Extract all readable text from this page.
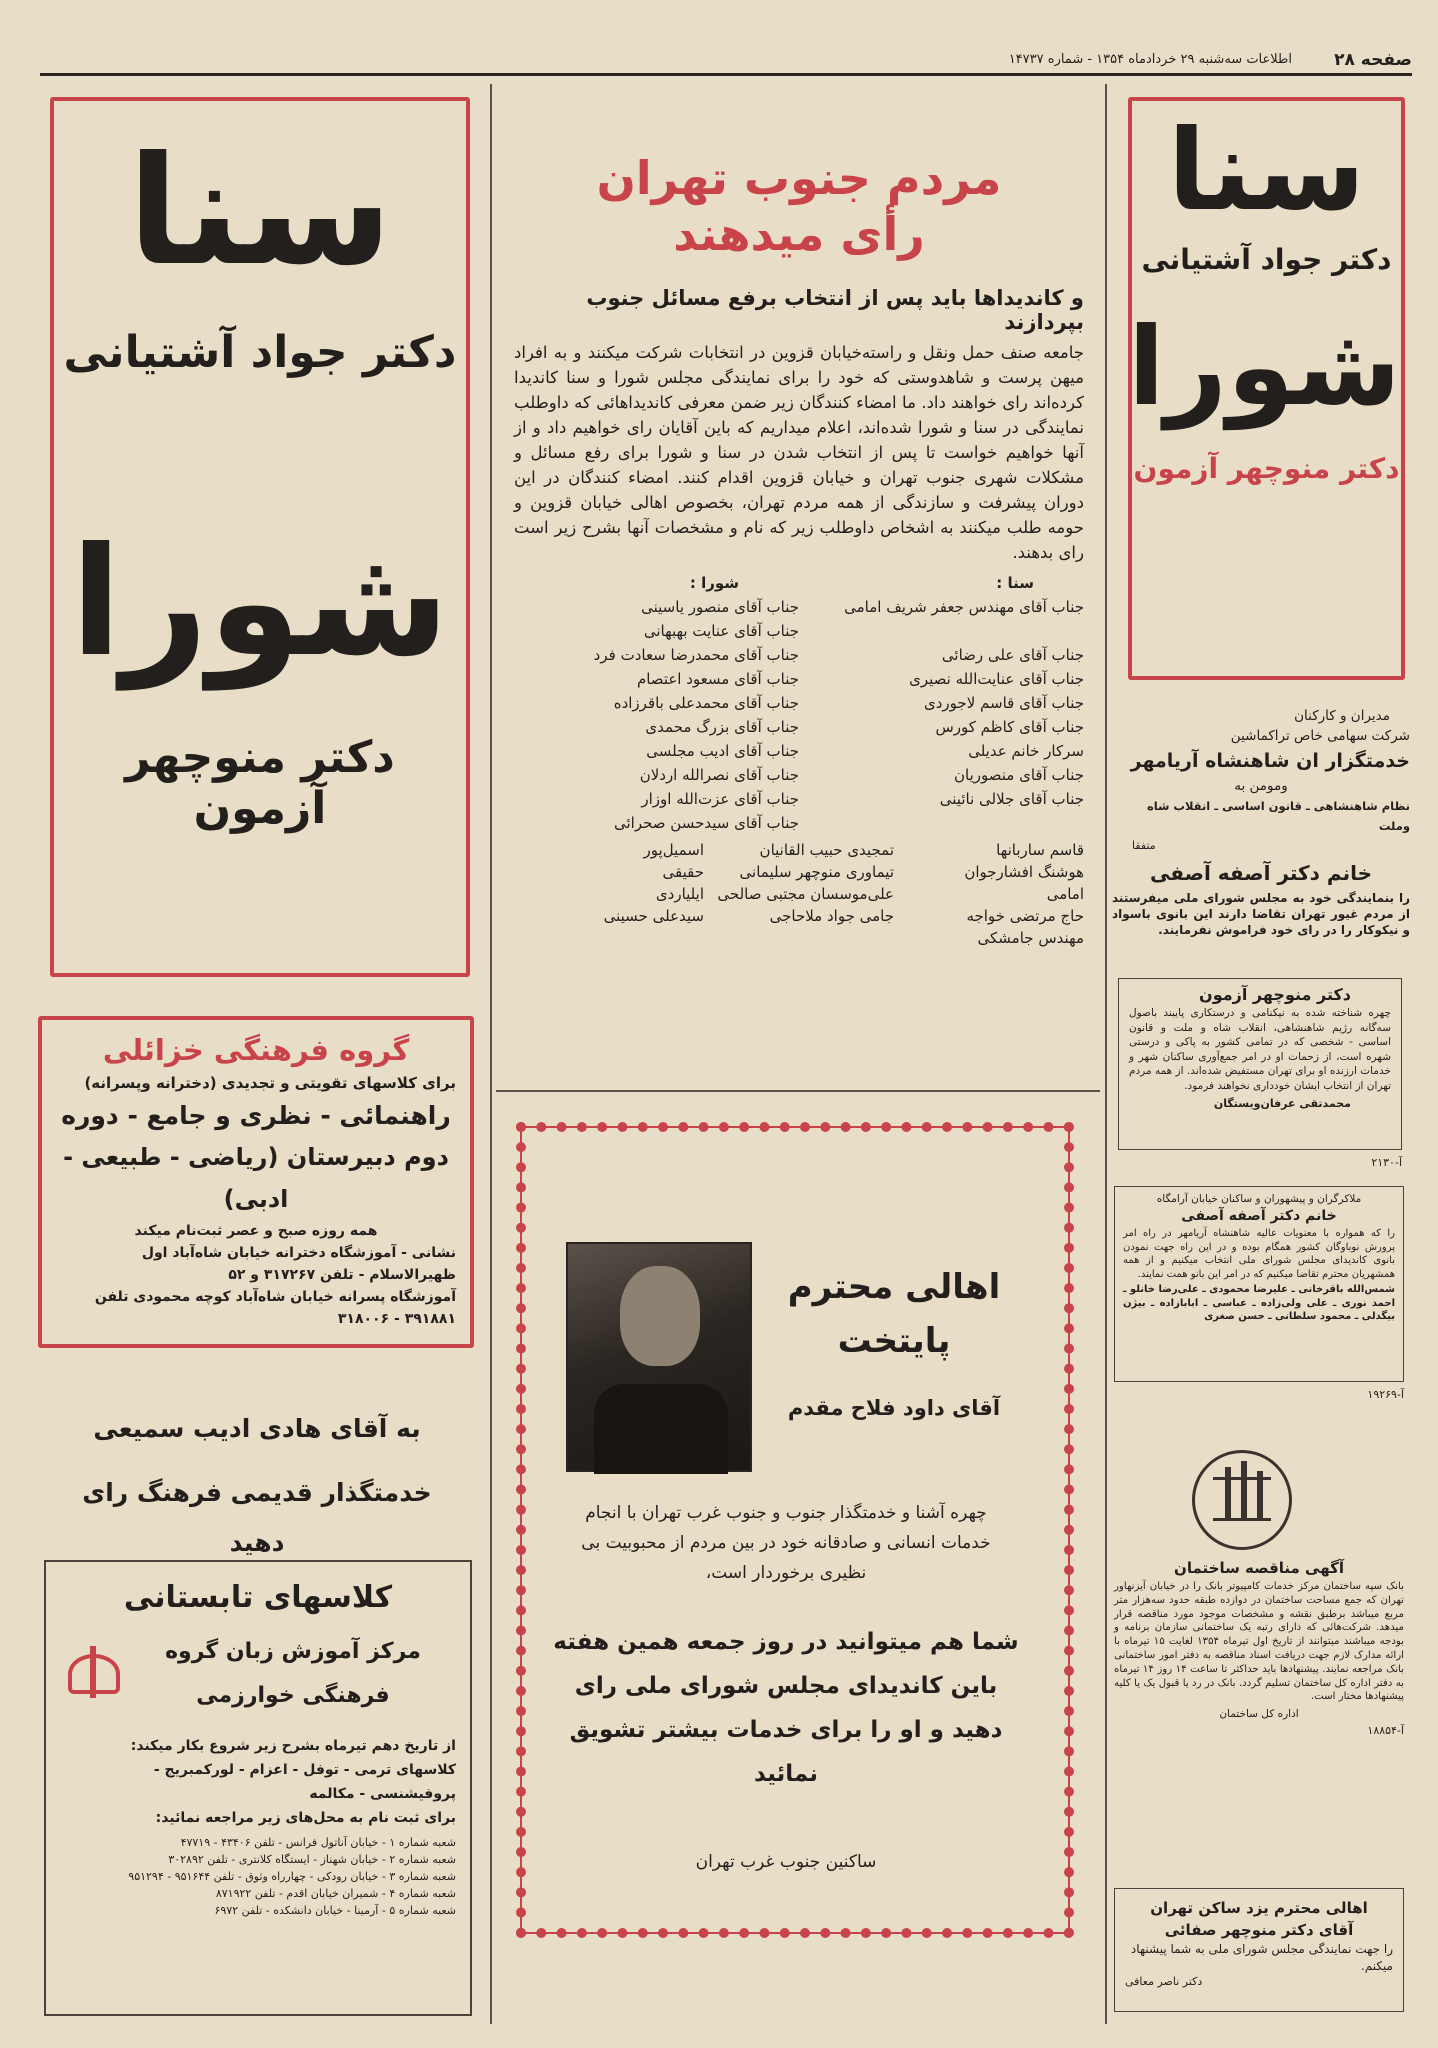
صفحه ۲۸
اطلاعات سه‌شنبه ۲۹ خردادماه ۱۳۵۴ - شماره ۱۴۷۳۷
سنا
دکتر جواد آشتیانی
شورا
دکتر منوچهر آزمون
سنا
دکتر جواد آشتیانی
شورا
دکتر منوچهر آزمون
مردم جنوب تهران
رأی میدهند
و کاندیداها باید پس از انتخاب برفع مسائل جنوب بپردازند
جامعه صنف حمل ونقل و راسته‌خیابان قزوین در انتخابات شرکت میکنند و به افراد میهن پرست و شاهدوستی که خود را برای نمایندگی مجلس شورا و سنا کاندیدا کرده‌اند رای خواهند داد. ما امضاء کنندگان زیر ضمن معرفی کاندیداهائی که داوطلب نمایندگی در سنا و شورا شده‌اند، اعلام میداریم که باین آقایان رای خواهیم داد و از آنها خواهیم خواست تا پس از انتخاب شدن در سنا و شورا برای رفع مسائل و مشکلات شهری جنوب تهران و خیابان قزوین اقدام کنند. امضاء کنندگان در این دوران پیشرفت و سازندگی از همه مردم تهران، بخصوص اهالی خیابان قزوین و حومه طلب میکنند به اشخاص داوطلب زیر که نام و مشخصات آنها بشرح زیر است رای بدهند.
سنا :
جناب آقای مهندس جعفر شریف امامی
جناب آقای علی رضائی
جناب آقای عنایت‌الله نصیری
جناب آقای قاسم لاجوردی
جناب آقای کاظم کورس
سرکار خانم عدیلی
جناب آقای منصوریان
جناب آقای جلالی نائینی
شورا :
جناب آقای منصور یاسینی
جناب آقای عنایت بهبهانی
جناب آقای محمدرضا سعادت فرد
جناب آقای مسعود اعتصام
جناب آقای محمدعلی باقرزاده
جناب آقای بزرگ محمدی
جناب آقای ادیب مجلسی
جناب آقای نصرالله اردلان
جناب آقای عزت‌الله اوزار
جناب آقای سیدحسن صحرائی
قاسم ساربانها
تمجیدی حبیب القانیان
اسمیل‌پور
هوشنگ افشارجوان
تیماوری منوچهر سلیمانی
حقیقی
امامی
علی‌موسسان مجتبی صالحی
ایلیاردی
حاج مرتضی خواجه
جامی جواد ملاحاجی
سیدعلی حسینی
مهندس جامشکی
اهالی محترم
پایتخت
آقای داود فلاح مقدم
چهره آشنا و خدمتگذار جنوب و جنوب غرب تهران با انجام خدمات انسانی و صادقانه خود در بین مردم از محبوبیت بی نظیری برخوردار است،
شما هم میتوانید در روز جمعه همین هفته باین کاندیدای مجلس شورای ملی رای دهید و او را برای خدمات بیشتر تشویق نمائید
ساکنین جنوب غرب تهران
مدیران و کارکنان
شرکت سهامی خاص تراکماشین
خدمتگزار ان شاهنشاه آریامهر
ومومن به
نظام شاهنشاهی ـ قانون اساسی ـ انقلاب شاه وملت
متفقا
خانم دکتر آصفه آصفی
را بنمایندگی خود به مجلس شورای ملی میفرستند از مردم غیور تهران تقاضا دارند این بانوی باسواد و نیکوکار را در رای خود فراموش نفرمایند.
دکتر منوچهر آزمون
چهره شناخته شده به نیکنامی و درستکاری پایبند باصول سه‌گانه رژیم شاهنشاهی، انقلاب شاه و ملت و قانون اساسی - شخصی که در تمامی کشور به پاکی و درستی شهره است، از زحمات او در امر جمع‌آوری ساکنان شهر و خدمات ارزنده او برای تهران مستفیض شده‌اند. از همه مردم تهران از انتخاب ایشان خودداری نخواهند فرمود.
محمدتقی عرفان‌ویستگان
آ-۲۱۳۰
ملاکرگران و پیشهوران و ساکنان خیابان آرامگاه
خانم دکتر آصفه آصفی
را که همواره با معنویات عالیه شاهنشاه آریامهر در راه امر پرورش نوباوگان کشور همگام بوده و در این راه جهت نمودن بانوی کاندیدای مجلس شورای ملی انتخاب میکنیم و از همه همشهریان محترم تقاضا میکنیم که در امر این بانو همت نمایند.
شمس‌الله باقرخانی ـ علیرضا محمودی ـ علی‌رضا خانلو ـ احمد نوری ـ علی ولی‌زاده ـ عباسی ـ ابابازاده ـ بیژن بیگدلی ـ محمود سلطانی ـ حسن صغری
آ-۱۹۲۶۹
آگهی مناقصه ساختمان
بانک سپه ساختمان مرکز خدمات کامپیوتر بانک را در خیابان آیزنهاور تهران که جمع مساحت ساختمان در دوازده طبقه حدود سه‌هزار متر مربع میباشد برطبق نقشه و مشخصات موجود مورد مناقصه قرار میدهد. شرکت‌هائی که دارای رتبه یک ساختمانی سازمان برنامه و بودجه میباشند میتوانند از تاریخ اول تیرماه ۱۳۵۴ لغایت ۱۵ تیرماه با ارائه مدارک لازم جهت دریافت اسناد مناقصه به دفتر امور ساختمانی بانک مراجعه نمایند. پیشنهادها باید حداکثر تا ساعت ۱۴ روز ۱۴ تیرماه به دفتر اداره کل ساختمان تسلیم گردد. بانک در رد یا قبول یک یا کلیه پیشنهادها مختار است.
اداره کل ساختمان
آ-۱۸۸۵۴
اهالی محترم یزد ساکن تهران
آقای دکتر منوچهر صفائی
را جهت نمایندگی مجلس شورای ملی به شما پیشنهاد میکنم.
دکتر ناصر معافی
گروه فرهنگی خزائلی
برای کلاسهای تقویتی و تجدیدی (دخترانه وپسرانه)
راهنمائی - نظری و جامع - دوره
دوم دبیرستان (ریاضی - طبیعی - ادبی)
همه روزه صبح و عصر ثبت‌نام میکند
نشانی - آموزشگاه دخترانه خیابان شاه‌آباد اول ظهیرالاسلام - تلفن ۳۱۷۲۶۷ و ۵۲
آموزشگاه پسرانه خیابان شاه‌آباد کوچه محمودی تلفن ۳۹۱۸۸۱ - ۳۱۸۰۰۶
به آقای هادی ادیب سمیعی
خدمتگذار قدیمی فرهنگ رای دهید
کلاسهای تابستانی
مرکز آموزش زبان گروه
فرهنگی خوارزمی
از تاریخ دهم تیرماه بشرح زیر شروع بکار میکند:
کلاسهای ترمی - توفل - اعزام - لورکمبریج -
پروفیشنسی - مکالمه
برای ثبت نام به محل‌های زیر مراجعه نمائید:
شعبه شماره ۱ - خیابان آناتول فرانس - تلفن ۴۳۴۰۶ - ۴۷۷۱۹
شعبه شماره ۲ - خیابان شهناز - ایستگاه کلانتری - تلفن ۳۰۲۸۹۲
شعبه شماره ۳ - خیابان رودکی - چهارراه وثوق - تلفن ۹۵۱۶۴۴ - ۹۵۱۲۹۴
شعبه شماره ۴ - شمیران خیابان اقدم - تلفن ۸۷۱۹۲۲
شعبه شماره ۵ - آرمینا - خیابان دانشکده - تلفن ۶۹۷۲
